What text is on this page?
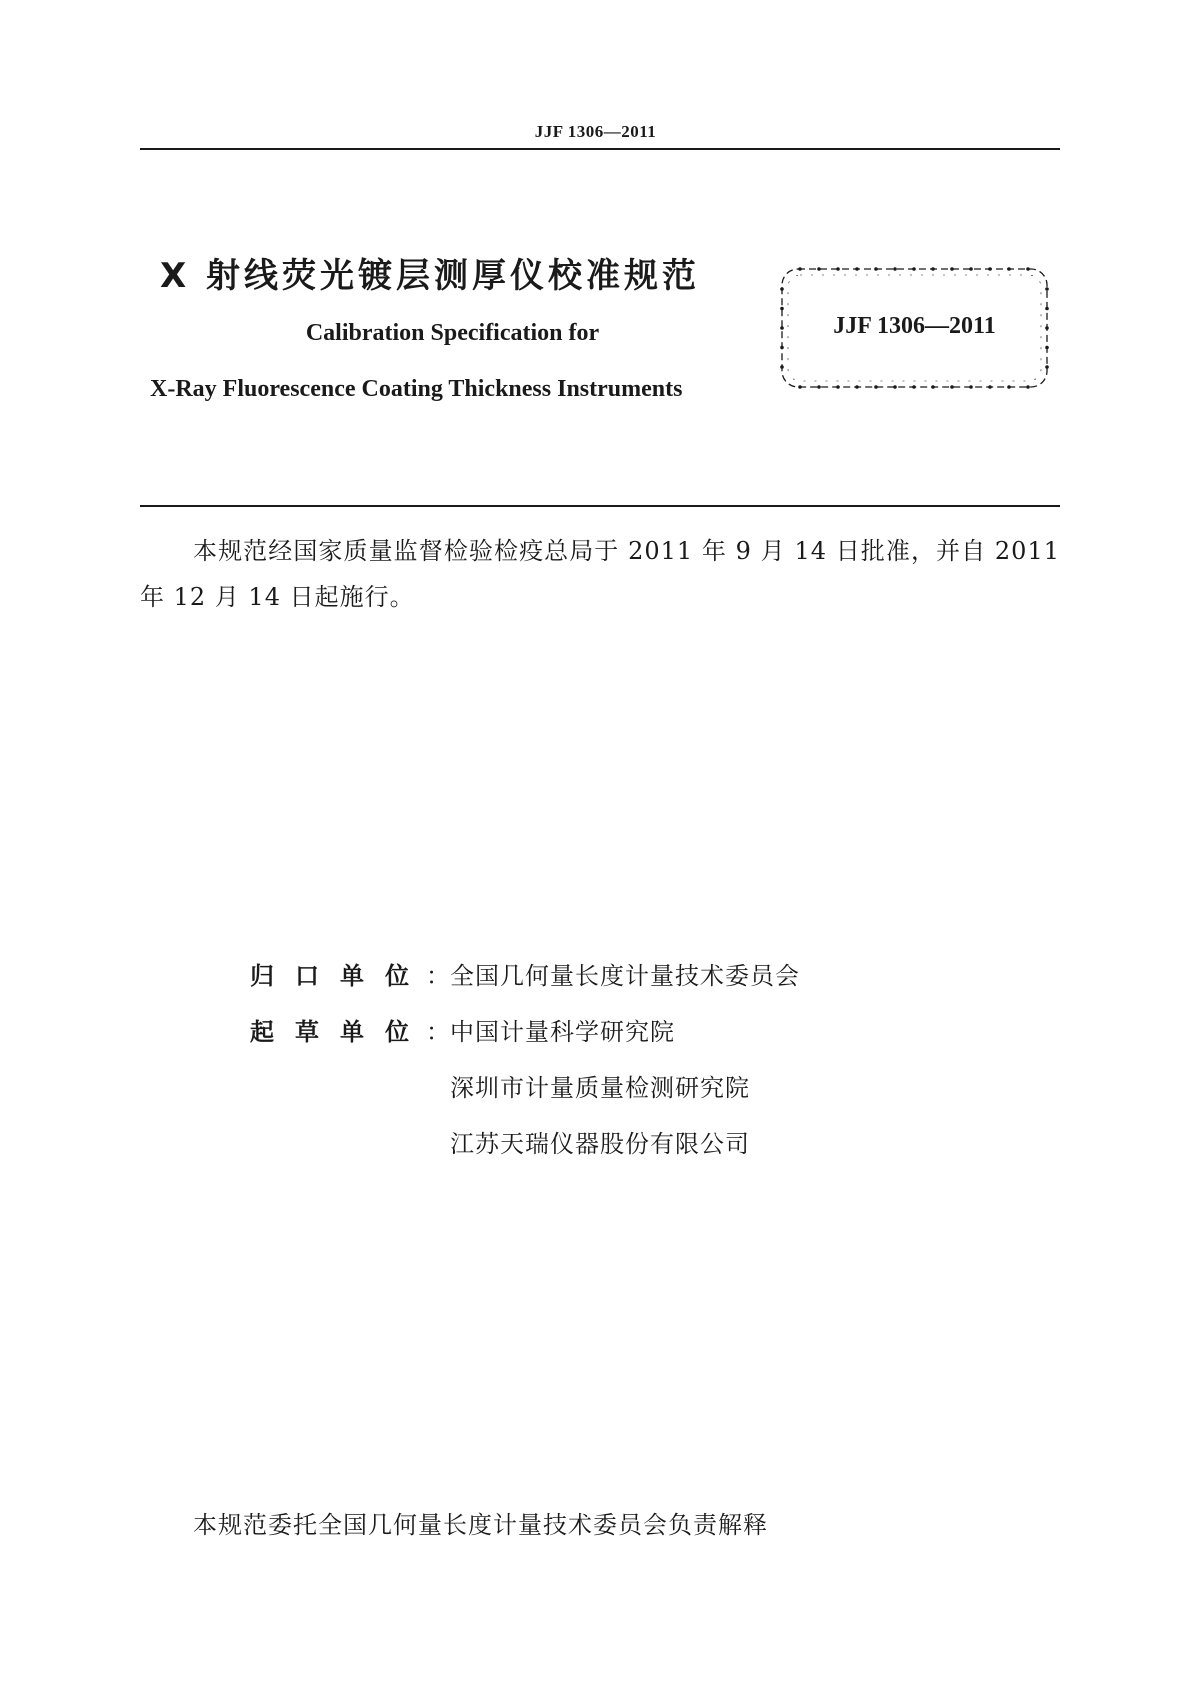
JJF 1306—2011
X 射线荧光镀层测厚仪校准规范
Calibration Specification for
X-Ray Fluorescence Coating Thickness Instruments
JJF 1306—2011
本规范经国家质量监督检验检疫总局于 2011 年 9 月 14 日批准，并自 2011 年 12 月 14 日起施行。
归口单位：全国几何量长度计量技术委员会
起草单位：中国计量科学研究院
深圳市计量质量检测研究院
江苏天瑞仪器股份有限公司
本规范委托全国几何量长度计量技术委员会负责解释
